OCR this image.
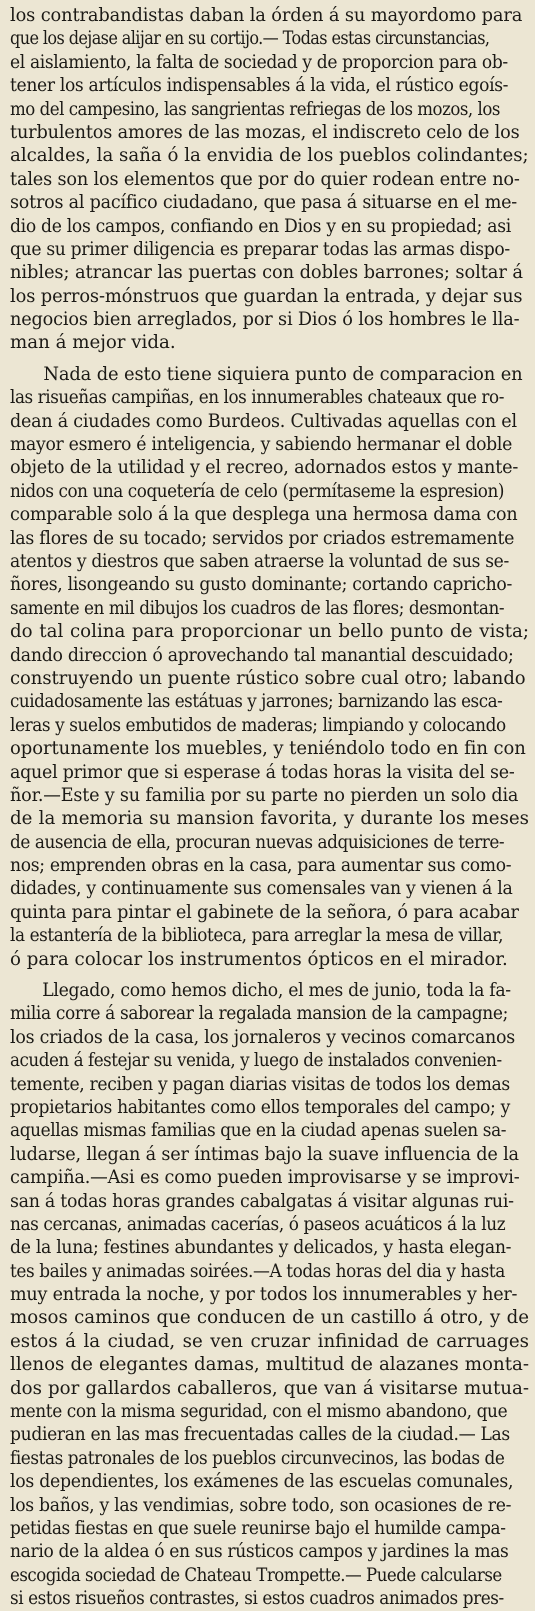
los contrabandistas daban la órden á su mayordomo para
que los dejase alijar en su cortijo.— Todas estas circunstancias,
el aislamiento, la falta de sociedad y de proporcion para ob-
tener los artículos indispensables á la vida, el rústico egoís-
mo del campesino, las sangrientas refriegas de los mozos, los
turbulentos amores de las mozas, el indiscreto celo de los
alcaldes, la saña ó la envidia de los pueblos colindantes;
tales son los elementos que por do quier rodean entre no-
sotros al pacífico ciudadano, que pasa á situarse en el me-
dio de los campos, confiando en Dios y en su propiedad; asi
que su primer diligencia es preparar todas las armas dispo-
nibles; atrancar las puertas con dobles barrones; soltar á
los perros-mónstruos que guardan la entrada, y dejar sus
negocios bien arreglados, por si Dios ó los hombres le lla-
man á mejor vida.
Nada de esto tiene siquiera punto de comparacion en
las risueñas campiñas, en los innumerables chateaux que ro-
dean á ciudades como Burdeos. Cultivadas aquellas con el
mayor esmero é inteligencia, y sabiendo hermanar el doble
objeto de la utilidad y el recreo, adornados estos y mante-
nidos con una coquetería de celo (permítaseme la espresion)
comparable solo á la que desplega una hermosa dama con
las flores de su tocado; servidos por criados estremamente
atentos y diestros que saben atraerse la voluntad de sus se-
ñores, lisongeando su gusto dominante; cortando capricho-
samente en mil dibujos los cuadros de las flores; desmontan-
do tal colina para proporcionar un bello punto de vista;
dando direccion ó aprovechando tal manantial descuidado;
construyendo un puente rústico sobre cual otro; labando
cuidadosamente las estátuas y jarrones; barnizando las esca-
leras y suelos embutidos de maderas; limpiando y colocando
oportunamente los muebles, y teniéndolo todo en fin con
aquel primor que si esperase á todas horas la visita del se-
ñor.—Este y su familia por su parte no pierden un solo dia
de la memoria su mansion favorita, y durante los meses
de ausencia de ella, procuran nuevas adquisiciones de terre-
nos; emprenden obras en la casa, para aumentar sus como-
didades, y continuamente sus comensales van y vienen á la
quinta para pintar el gabinete de la señora, ó para acabar
la estantería de la biblioteca, para arreglar la mesa de villar,
ó para colocar los instrumentos ópticos en el mirador.
Llegado, como hemos dicho, el mes de junio, toda la fa-
milia corre á saborear la regalada mansion de la campagne;
los criados de la casa, los jornaleros y vecinos comarcanos
acuden á festejar su venida, y luego de instalados convenien-
temente, reciben y pagan diarias visitas de todos los demas
propietarios habitantes como ellos temporales del campo; y
aquellas mismas familias que en la ciudad apenas suelen sa-
ludarse, llegan á ser íntimas bajo la suave influencia de la
campiña.—Asi es como pueden improvisarse y se improvi-
san á todas horas grandes cabalgatas á visitar algunas rui-
nas cercanas, animadas cacerías, ó paseos acuáticos á la luz
de la luna; festines abundantes y delicados, y hasta elegan-
tes bailes y animadas soirées.—A todas horas del dia y hasta
muy entrada la noche, y por todos los innumerables y her-
mosos caminos que conducen de un castillo á otro, y de
estos á la ciudad, se ven cruzar infinidad de carruages
llenos de elegantes damas, multitud de alazanes monta-
dos por gallardos caballeros, que van á visitarse mutua-
mente con la misma seguridad, con el mismo abandono, que
pudieran en las mas frecuentadas calles de la ciudad.— Las
fiestas patronales de los pueblos circunvecinos, las bodas de
los dependientes, los exámenes de las escuelas comunales,
los baños, y las vendimias, sobre todo, son ocasiones de re-
petidas fiestas en que suele reunirse bajo el humilde campa-
nario de la aldea ó en sus rústicos campos y jardines la mas
escogida sociedad de Chateau Trompette.— Puede calcularse
si estos risueños contrastes, si estos cuadros animados pres-
